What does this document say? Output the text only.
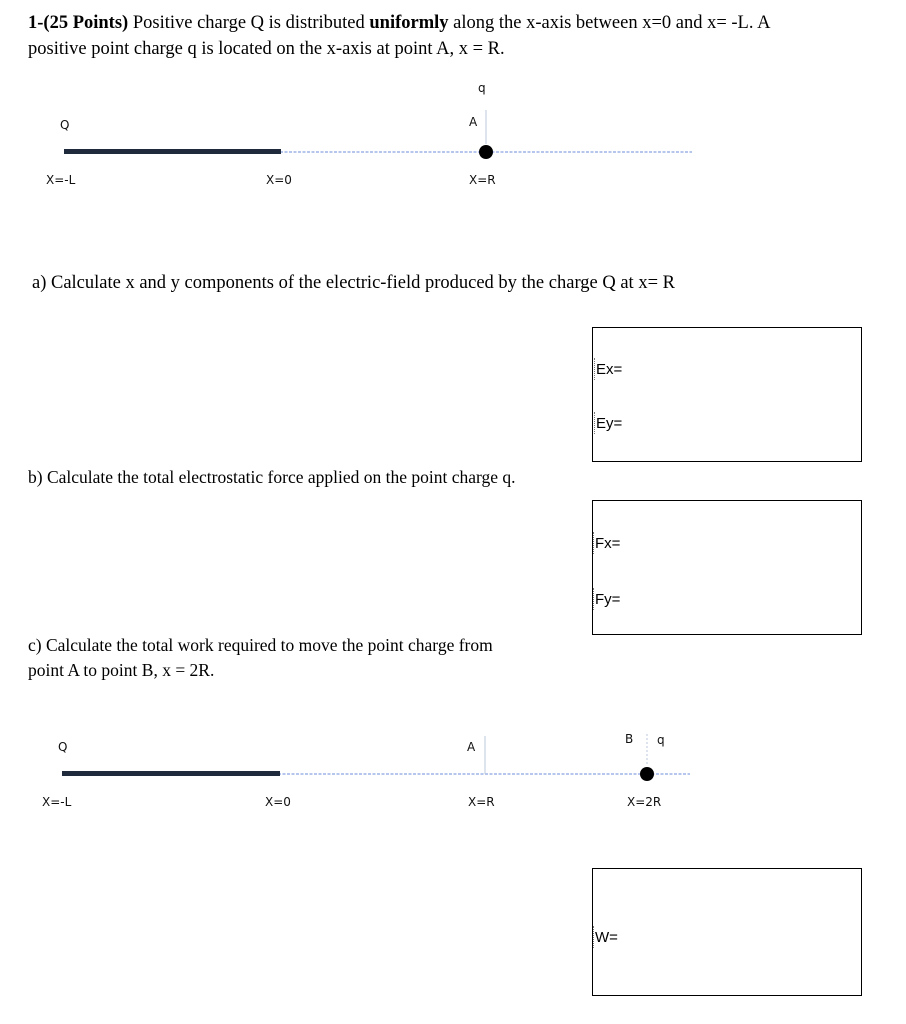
1-(25 Points) Positive charge Q is distributed uniformly along the x-axis between x=0 and x= -L. A
positive point charge q is located on the x-axis at point A, x = R.
q
Q	A
X=-L	X=0	X=R
a) Calculate x and y components of the electric-field produced by the charge Q at x= R
Ex=
Ey=
b) Calculate the total electrostatic force applied on the point charge q.
Fx=
Fy=
c) Calculate the total work required to move the point charge from
point A to point B, x = 2R.
Q	A
B q
X=-L	X=0	X=R	X=2R
W=
